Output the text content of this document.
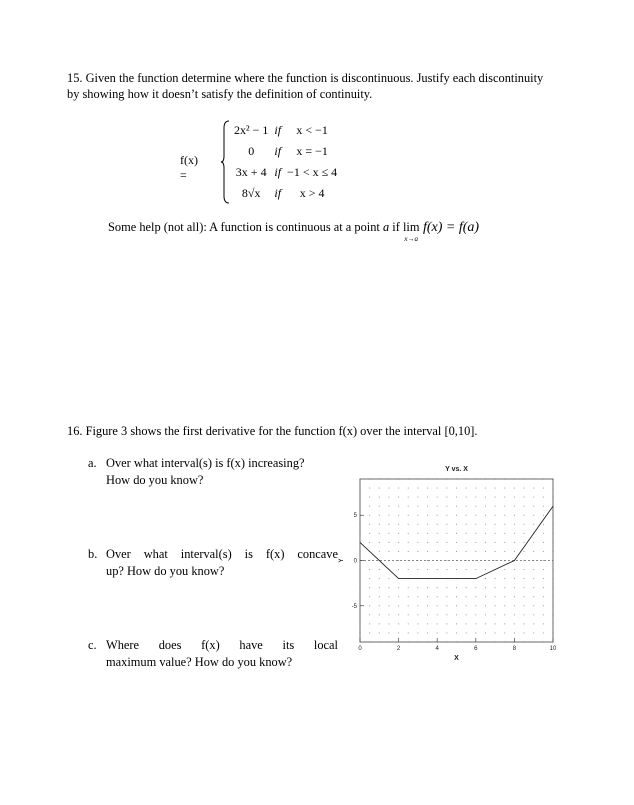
15. Given the function determine where the function is discontinuous. Justify each discontinuity
by showing how it doesn’t satisfy the definition of continuity.
f(x) =
2x² − 1	if	x < −1
0	if	x = −1
3x + 4	if	−1 < x ≤ 4
8√x	if	x > 4
Some help (not all): A function is continuous at a point a if lim
x→a
f(x) = f(a)
16. Figure 3 shows the first derivative for the function f(x) over the interval [0,10].
a. Over what interval(s) is f(x) increasing?
How do you know?
b. Over what interval(s) is f(x) concave
up? How do you know?
c. Where does f(x) have its local
maximum value? How do you know?
0	2	4	6	8	10
5
0
-5
Y vs. X
X
Y
